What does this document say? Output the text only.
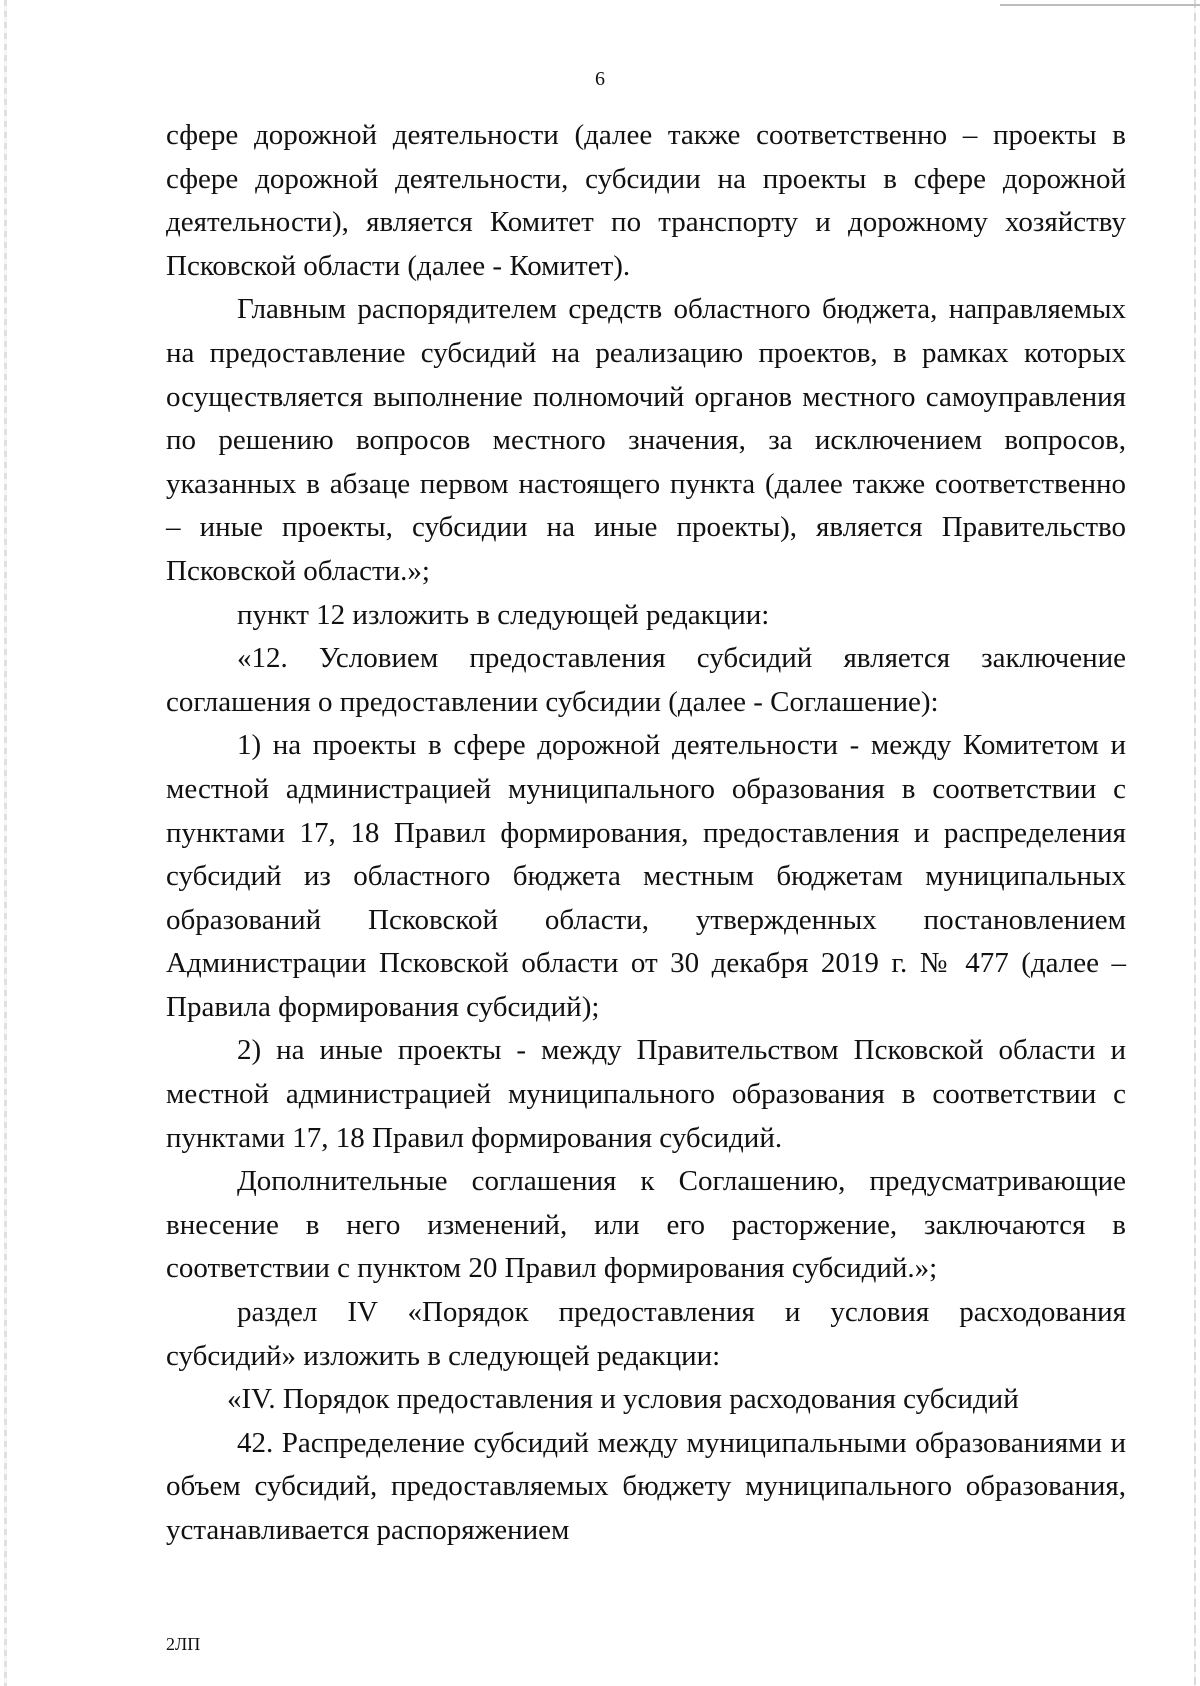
6

сфере дорожной деятельности (далее также соответственно – проекты в сфере дорожной деятельности, субсидии на проекты в сфере дорожной деятельности), является Комитет по транспорту и дорожному хозяйству Псковской области (далее - Комитет).

Главным распорядителем средств областного бюджета, направляемых на предоставление субсидий на реализацию проектов, в рамках которых осуществляется выполнение полномочий органов местного самоуправления по решению вопросов местного значения, за исключением вопросов, указанных в абзаце первом настоящего пункта (далее также соответственно – иные проекты, субсидии на иные проекты), является Правительство Псковской области.»;

пункт 12 изложить в следующей редакции:

«12. Условием предоставления субсидий является заключение соглашения о предоставлении субсидии (далее - Соглашение):

1) на проекты в сфере дорожной деятельности - между Комитетом и местной администрацией муниципального образования в соответствии с пунктами 17, 18 Правил формирования, предоставления и распределения субсидий из областного бюджета местным бюджетам муниципальных образований Псковской области, утвержденных постановлением Администрации Псковской области от 30 декабря 2019 г. № 477 (далее – Правила формирования субсидий);

2) на иные проекты - между Правительством Псковской области и местной администрацией муниципального образования в соответствии с пунктами 17, 18 Правил формирования субсидий.

Дополнительные соглашения к Соглашению, предусматривающие внесение в него изменений, или его расторжение, заключаются в соответствии с пунктом 20 Правил формирования субсидий.»;

раздел IV «Порядок предоставления и условия расходования субсидий» изложить в следующей редакции:

«IV. Порядок предоставления и условия расходования субсидий

42. Распределение субсидий между муниципальными образованиями и объем субсидий, предоставляемых бюджету муниципального образования, устанавливается распоряжением

2ЛП
